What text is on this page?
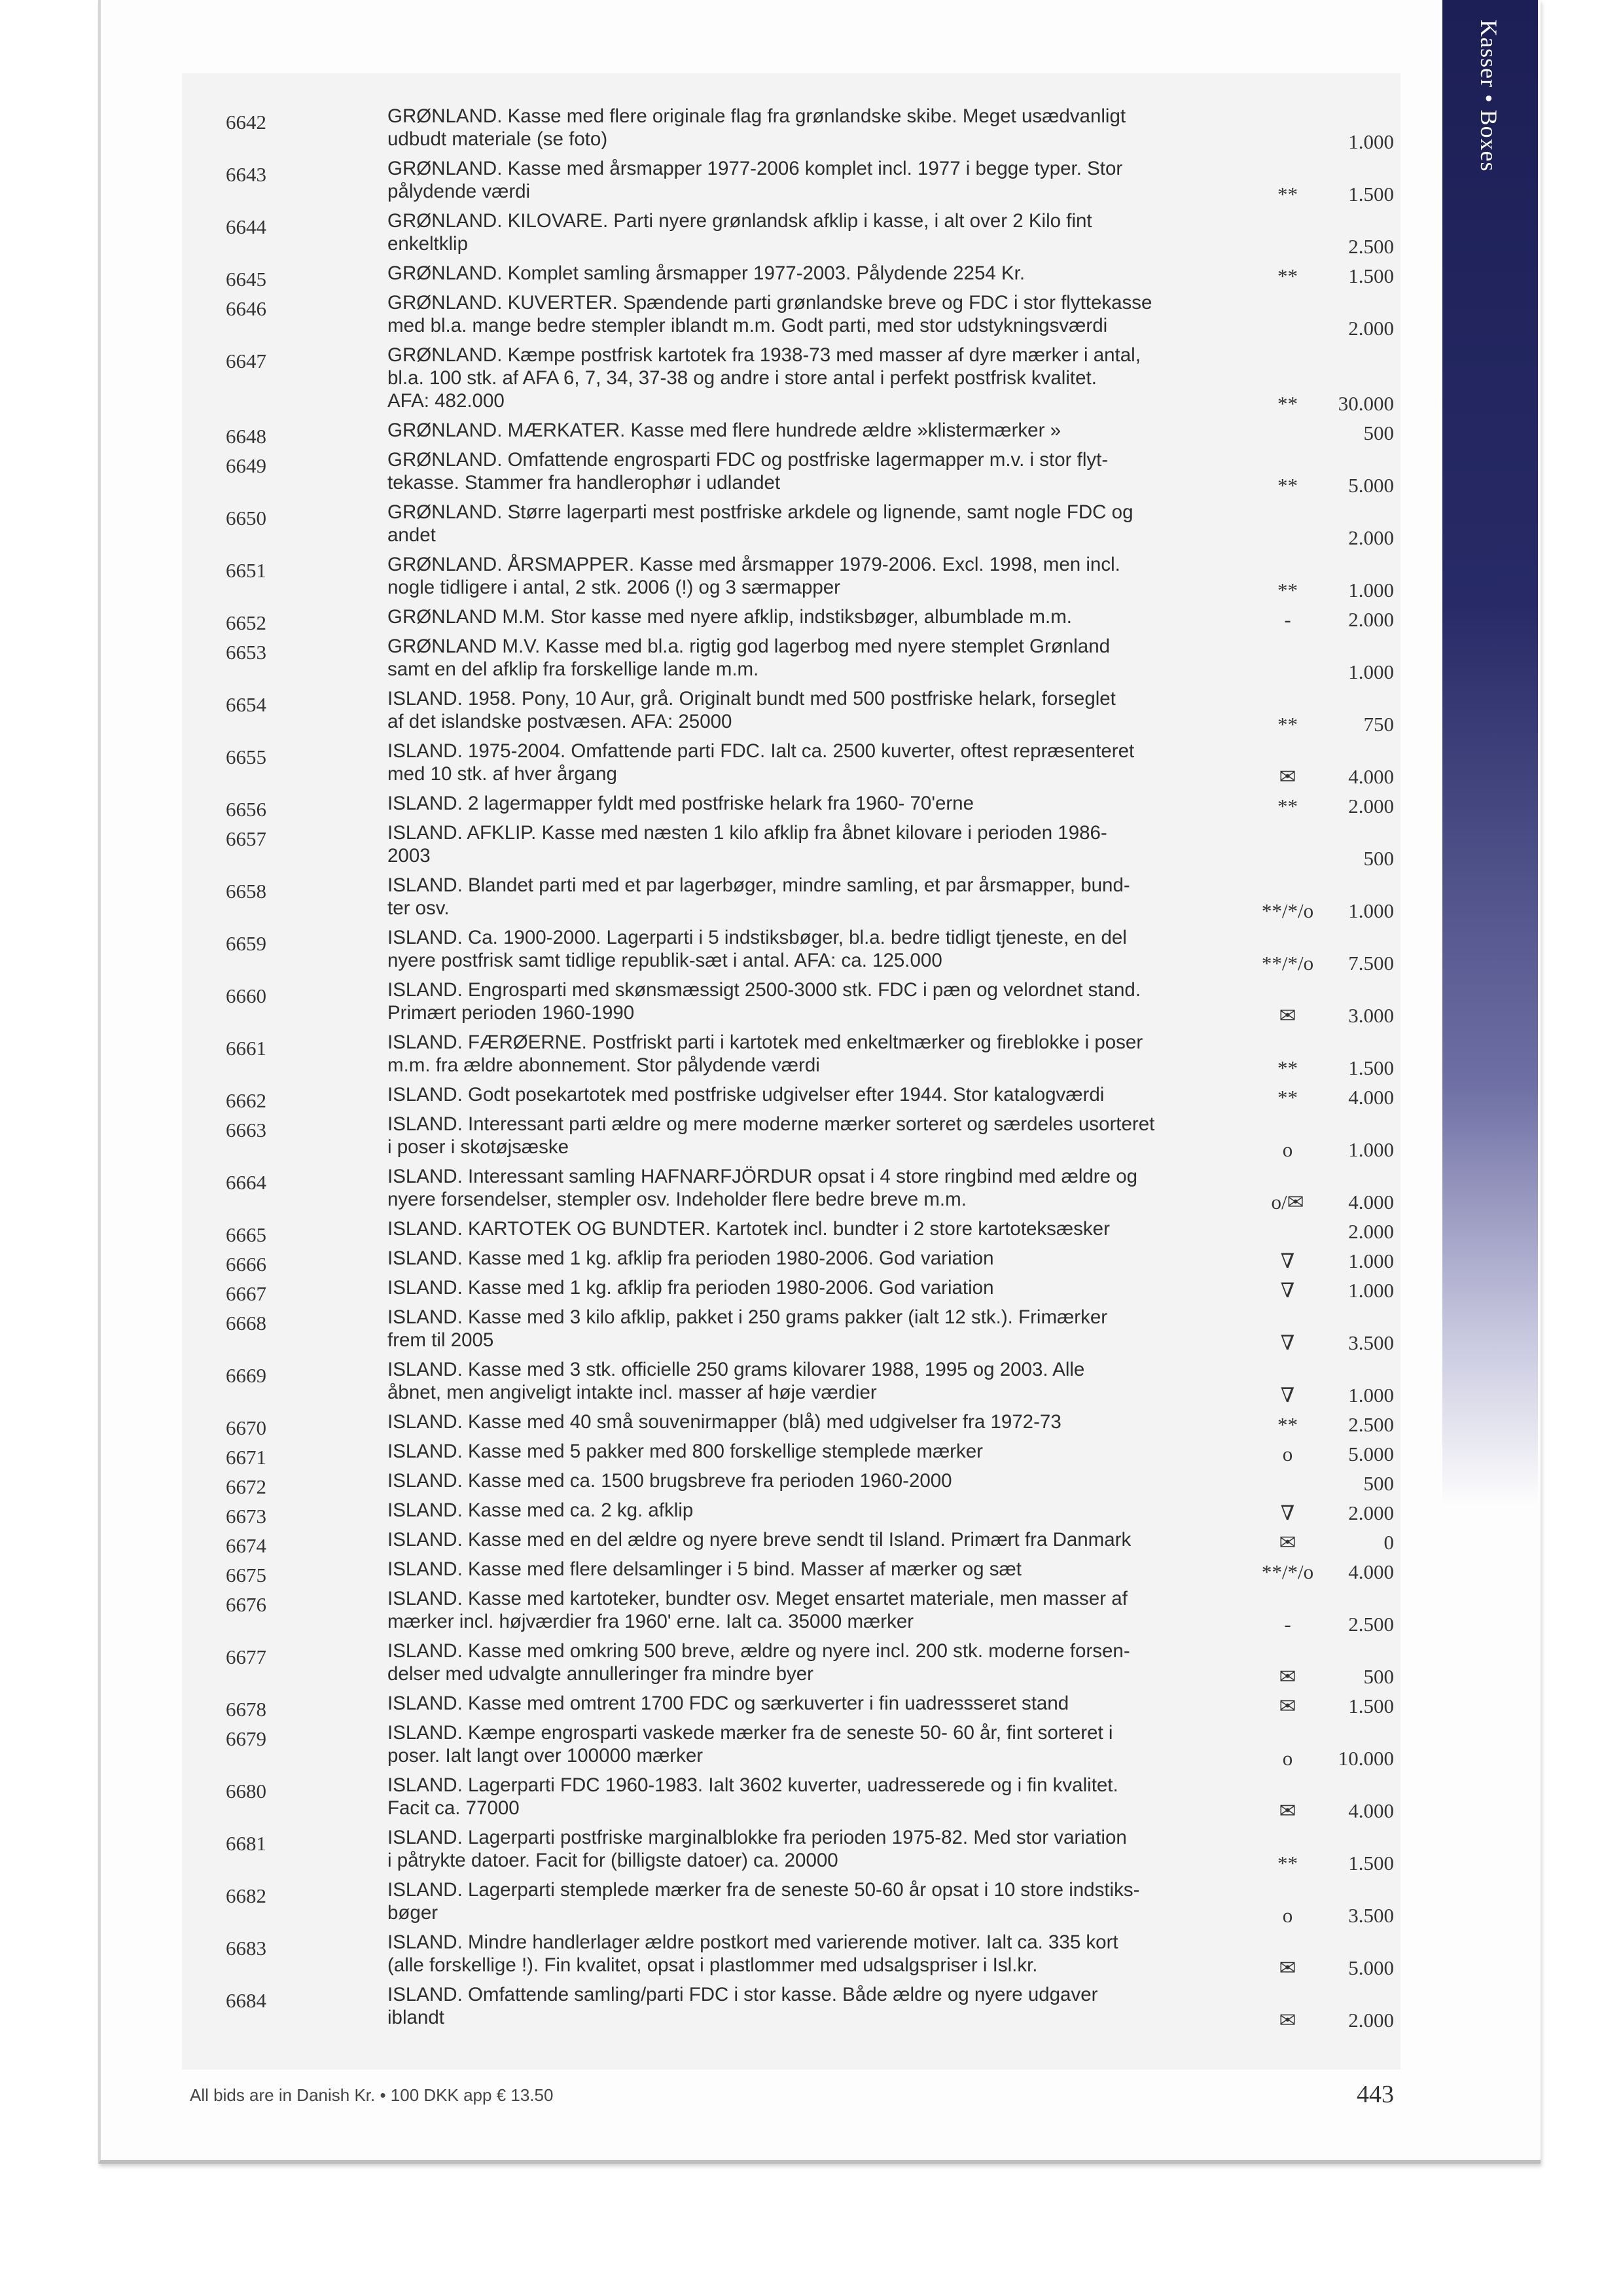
Kasser • Boxes
6642	GRØNLAND. Kasse med flere originale flag fra grønlandske skibe. Meget usædvanligt
udbudt materiale (se foto)	1.000
6643	GRØNLAND. Kasse med årsmapper 1977-2006 komplet incl. 1977 i begge typer. Stor
pålydende værdi	**	1.500
6644	GRØNLAND. KILOVARE. Parti nyere grønlandsk afklip i kasse, i alt over 2 Kilo fint
enkeltklip	2.500
6645	GRØNLAND. Komplet samling årsmapper 1977-2003. Pålydende 2254 Kr.	**	1.500
6646	GRØNLAND. KUVERTER. Spændende parti grønlandske breve og FDC i stor flyttekasse
med bl.a. mange bedre stempler iblandt m.m. Godt parti, med stor udstykningsværdi	2.000
6647	GRØNLAND. Kæmpe postfrisk kartotek fra 1938-73 med masser af dyre mærker i antal,
bl.a. 100 stk. af AFA 6, 7, 34, 37-38 og andre i store antal i perfekt postfrisk kvalitet.
AFA: 482.000	**	30.000
6648	GRØNLAND. MÆRKATER. Kasse med flere hundrede ældre »klistermærker »	500
6649	GRØNLAND. Omfattende engrosparti FDC og postfriske lagermapper m.v. i stor flyt-
tekasse. Stammer fra handlerophør i udlandet	**	5.000
6650	GRØNLAND. Større lagerparti mest postfriske arkdele og lignende, samt nogle FDC og
andet	2.000
6651	GRØNLAND. ÅRSMAPPER. Kasse med årsmapper 1979-2006. Excl. 1998, men incl.
nogle tidligere i antal, 2 stk. 2006 (!) og 3 særmapper	**	1.000
6652	GRØNLAND M.M. Stor kasse med nyere afklip, indstiksbøger, albumblade m.m.	-	2.000
6653	GRØNLAND M.V. Kasse med bl.a. rigtig god lagerbog med nyere stemplet Grønland
samt en del afklip fra forskellige lande m.m.	1.000
6654	ISLAND. 1958. Pony, 10 Aur, grå. Originalt bundt med 500 postfriske helark, forseglet
af det islandske postvæsen. AFA: 25000	**	750
6655	ISLAND. 1975-2004. Omfattende parti FDC. Ialt ca. 2500 kuverter, oftest repræsenteret
med 10 stk. af hver årgang	✉	4.000
6656	ISLAND. 2 lagermapper fyldt med postfriske helark fra 1960- 70'erne	**	2.000
6657	ISLAND. AFKLIP. Kasse med næsten 1 kilo afklip fra åbnet kilovare i perioden 1986-
2003	500
6658	ISLAND. Blandet parti med et par lagerbøger, mindre samling, et par årsmapper, bund-
ter osv.	**/*/o	1.000
6659	ISLAND. Ca. 1900-2000. Lagerparti i 5 indstiksbøger, bl.a. bedre tidligt tjeneste, en del
nyere postfrisk samt tidlige republik-sæt i antal. AFA: ca. 125.000	**/*/o	7.500
6660	ISLAND. Engrosparti med skønsmæssigt 2500-3000 stk. FDC i pæn og velordnet stand.
Primært perioden 1960-1990	✉	3.000
6661	ISLAND. FÆRØERNE. Postfriskt parti i kartotek med enkeltmærker og fireblokke i poser
m.m. fra ældre abonnement. Stor pålydende værdi	**	1.500
6662	ISLAND. Godt posekartotek med postfriske udgivelser efter 1944. Stor katalogværdi	**	4.000
6663	ISLAND. Interessant parti ældre og mere moderne mærker sorteret og særdeles usorteret
i poser i skotøjsæske	o	1.000
6664	ISLAND. Interessant samling HAFNARFJÖRDUR opsat i 4 store ringbind med ældre og
nyere forsendelser, stempler osv. Indeholder flere bedre breve m.m.	o/✉	4.000
6665	ISLAND. KARTOTEK OG BUNDTER. Kartotek incl. bundter i 2 store kartoteksæsker	2.000
6666	ISLAND. Kasse med 1 kg. afklip fra perioden 1980-2006. God variation	∇	1.000
6667	ISLAND. Kasse med 1 kg. afklip fra perioden 1980-2006. God variation	∇	1.000
6668	ISLAND. Kasse med 3 kilo afklip, pakket i 250 grams pakker (ialt 12 stk.). Frimærker
frem til 2005	∇	3.500
6669	ISLAND. Kasse med 3 stk. officielle 250 grams kilovarer 1988, 1995 og 2003. Alle
åbnet, men angiveligt intakte incl. masser af høje værdier	∇	1.000
6670	ISLAND. Kasse med 40 små souvenirmapper (blå) med udgivelser fra 1972-73	**	2.500
6671	ISLAND. Kasse med 5 pakker med 800 forskellige stemplede mærker	o	5.000
6672	ISLAND. Kasse med ca. 1500 brugsbreve fra perioden 1960-2000	500
6673	ISLAND. Kasse med ca. 2 kg. afklip	∇	2.000
6674	ISLAND. Kasse med en del ældre og nyere breve sendt til Island. Primært fra Danmark	✉	0
6675	ISLAND. Kasse med flere delsamlinger i 5 bind. Masser af mærker og sæt	**/*/o	4.000
6676	ISLAND. Kasse med kartoteker, bundter osv. Meget ensartet materiale, men masser af
mærker incl. højværdier fra 1960' erne. Ialt ca. 35000 mærker	-	2.500
6677	ISLAND. Kasse med omkring 500 breve, ældre og nyere incl. 200 stk. moderne forsen-
delser med udvalgte annulleringer fra mindre byer	✉	500
6678	ISLAND. Kasse med omtrent 1700 FDC og særkuverter i fin uadressseret stand	✉	1.500
6679	ISLAND. Kæmpe engrosparti vaskede mærker fra de seneste 50- 60 år, fint sorteret i
poser. Ialt langt over 100000 mærker	o	10.000
6680	ISLAND. Lagerparti FDC 1960-1983. Ialt 3602 kuverter, uadresserede og i fin kvalitet.
Facit ca. 77000	✉	4.000
6681	ISLAND. Lagerparti postfriske marginalblokke fra perioden 1975-82. Med stor variation
i påtrykte datoer. Facit for (billigste datoer) ca. 20000	**	1.500
6682	ISLAND. Lagerparti stemplede mærker fra de seneste 50-60 år opsat i 10 store indstiks-
bøger	o	3.500
6683	ISLAND. Mindre handlerlager ældre postkort med varierende motiver. Ialt ca. 335 kort
(alle forskellige !). Fin kvalitet, opsat i plastlommer med udsalgspriser i Isl.kr.	✉	5.000
6684	ISLAND. Omfattende samling/parti FDC i stor kasse. Både ældre og nyere udgaver
iblandt	✉	2.000
All bids are in Danish Kr. • 100 DKK app € 13.50	443
